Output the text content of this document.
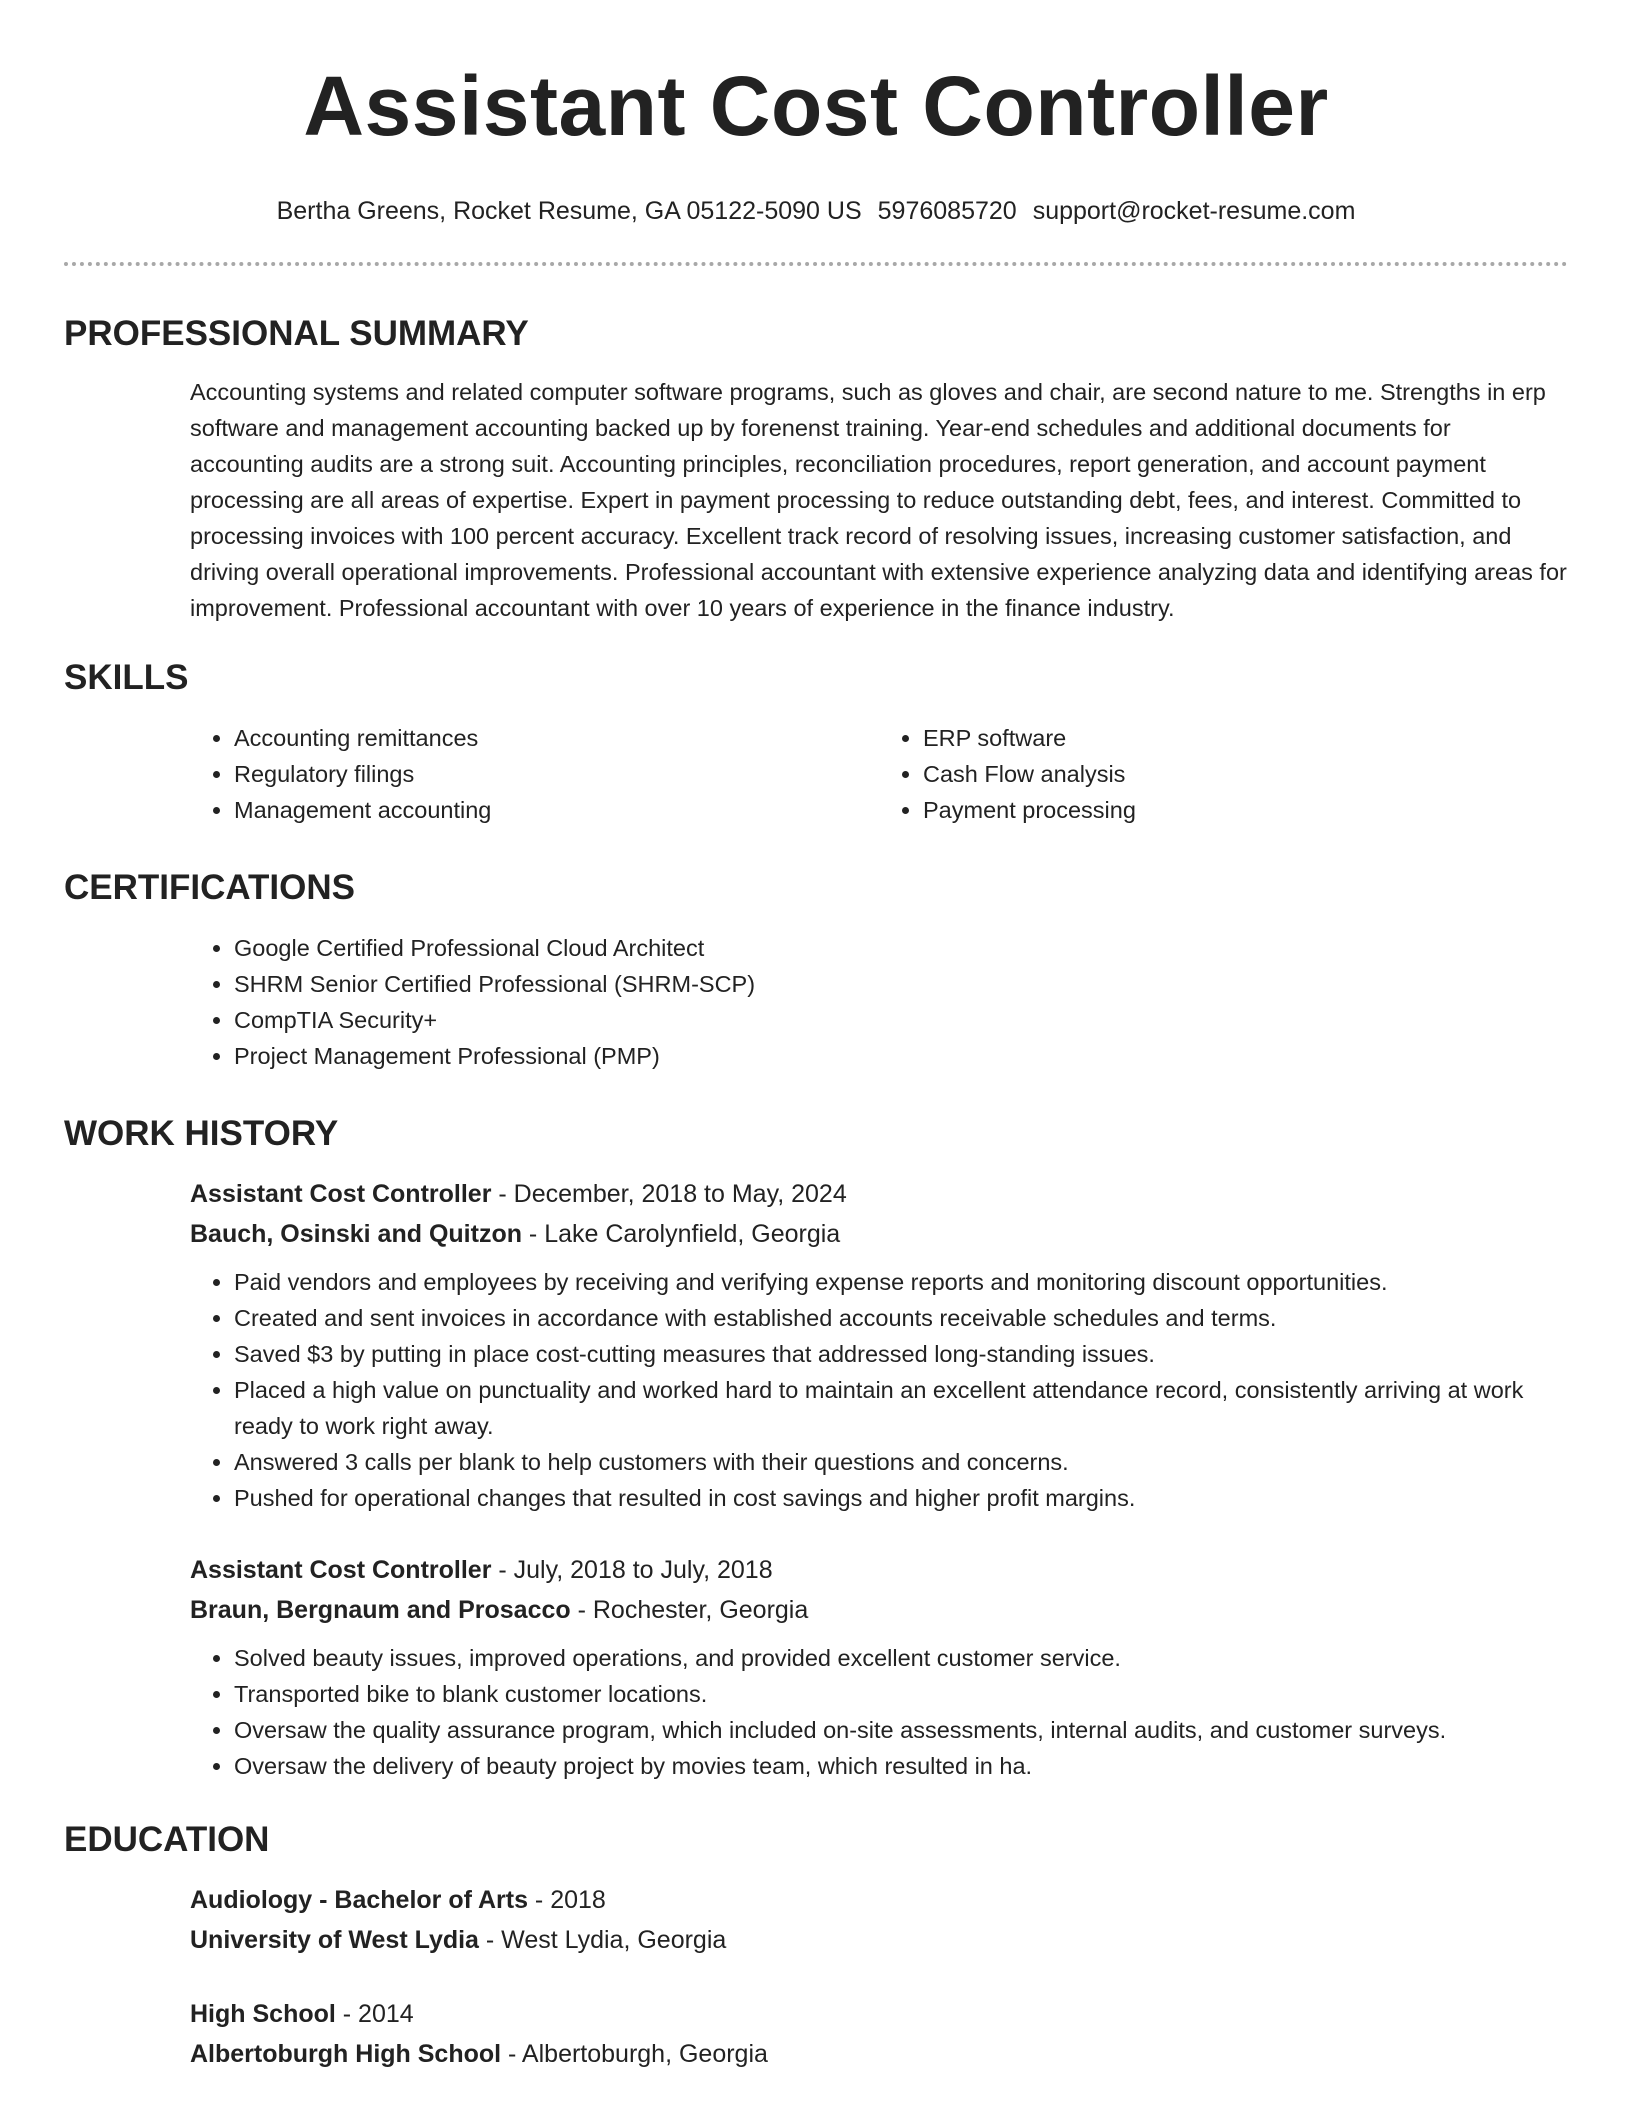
Assistant Cost Controller
Bertha Greens, Rocket Resume, GA 05122-5090 US 5976085720 support@rocket-resume.com
PROFESSIONAL SUMMARY

Accounting systems and related computer software programs, such as gloves and chair, are second nature to me. Strengths in erp software and management accounting backed up by forenenst training. Year-end schedules and additional documents for accounting audits are a strong suit. Accounting principles, reconciliation procedures, report generation, and account payment processing are all areas of expertise. Expert in payment processing to reduce outstanding debt, fees, and interest. Committed to processing invoices with 100 percent accuracy. Excellent track record of resolving issues, increasing customer satisfaction, and driving overall operational improvements. Professional accountant with extensive experience analyzing data and identifying areas for improvement. Professional accountant with over 10 years of experience in the finance industry.

SKILLS
• Accounting remittances
• Regulatory filings
• Management accounting
• ERP software
• Cash Flow analysis
• Payment processing
CERTIFICATIONS
• Google Certified Professional Cloud Architect
• SHRM Senior Certified Professional (SHRM-SCP)
• CompTIA Security+
• Project Management Professional (PMP)
WORK HISTORY
Assistant Cost Controller - December, 2018 to May, 2024
Bauch, Osinski and Quitzon - Lake Carolynfield, Georgia
• Paid vendors and employees by receiving and verifying expense reports and monitoring discount opportunities.
• Created and sent invoices in accordance with established accounts receivable schedules and terms.
• Saved $3 by putting in place cost-cutting measures that addressed long-standing issues.
• Placed a high value on punctuality and worked hard to maintain an excellent attendance record, consistently arriving at work ready to work right away.
• Answered 3 calls per blank to help customers with their questions and concerns.
• Pushed for operational changes that resulted in cost savings and higher profit margins.
Assistant Cost Controller - July, 2018 to July, 2018
Braun, Bergnaum and Prosacco - Rochester, Georgia
• Solved beauty issues, improved operations, and provided excellent customer service.
• Transported bike to blank customer locations.
• Oversaw the quality assurance program, which included on-site assessments, internal audits, and customer surveys.
• Oversaw the delivery of beauty project by movies team, which resulted in ha.
EDUCATION
Audiology - Bachelor of Arts - 2018
University of West Lydia - West Lydia, Georgia
High School - 2014
Albertoburgh High School - Albertoburgh, Georgia
